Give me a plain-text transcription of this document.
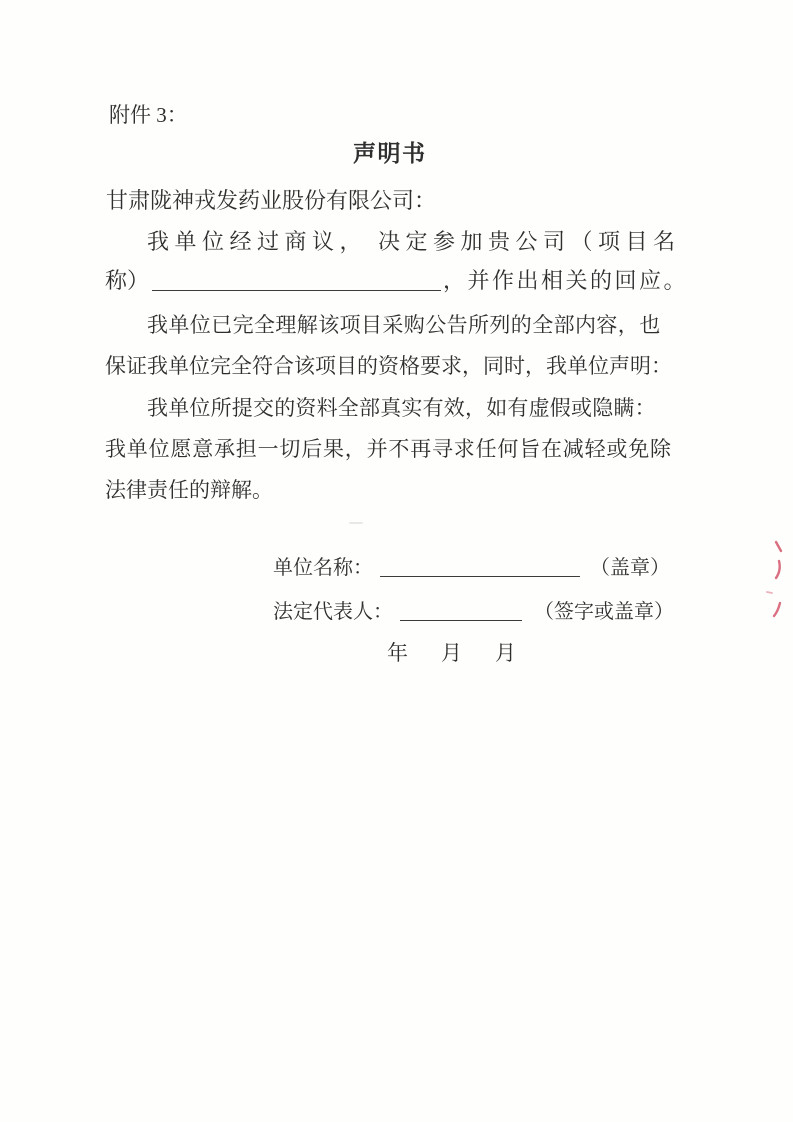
附件 3：
声明书
甘肃陇神戎发药业股份有限公司：
我单位经过商议， 决定参加贵公司（项目名
称）	，并作出相关的回应。
我单位已完全理解该项目采购公告所列的全部内容，也
保证我单位完全符合该项目的资格要求，同时，我单位声明：
我单位所提交的资料全部真实有效，如有虚假或隐瞒：
我单位愿意承担一切后果，并不再寻求任何旨在减轻或免除
法律责任的辩解。
单位名称：	（盖章）
法定代表人：	（签字或盖章）
年　月　月
